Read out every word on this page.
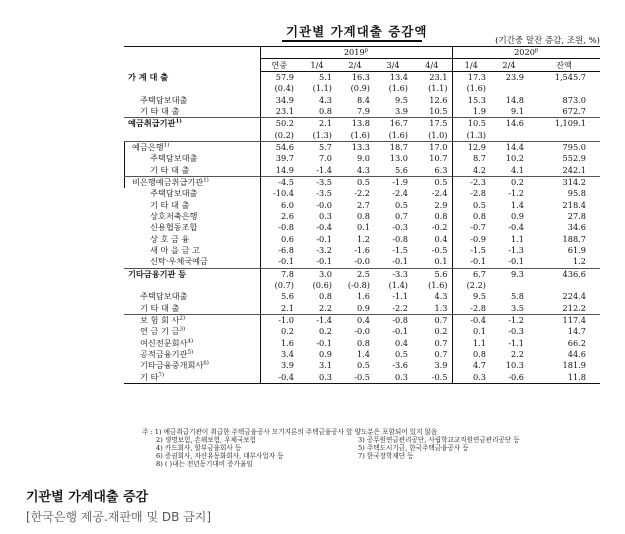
기관별 가계대출 증감액
(기간중 말잔 증감, 조원, %)
	2019$^p$					2020$^p$
	연중	1/4	2/4	3/4	4/4	1/4	2/4	잔액
가 계 대 출	57.9	5.1	16.3	13.4	23.1	17.3	23.9	1,545.7
	(0.4)	(1.1)	(0.9)	(1.6)	(1.1)	(1.6)		
주택담보대출	34.9	4.3	8.4	9.5	12.6	15.3	14.8	873.0
기 타 대 출	23.1	0.8	7.9	3.9	10.5	1.9	9.1	672.7
예금취급기관$^{1)}$	50.2	2.1	13.8	16.7	17.5	10.5	14.6	1,109.1
	(0.2)	(1.3)	(1.6)	(1.6)	(1.0)	(1.3)		
예금은행$^{1)}$	54.6	5.7	13.3	18.7	17.0	12.9	14.4	795.0
주택담보대출	39.7	7.0	9.0	13.0	10.7	8.7	10.2	552.9
기 타 대 출	14.9	-1.4	4.3	5.6	6.3	4.2	4.1	242.1
비은행예금취급기관$^{1)}$	-4.5	-3.5	0.5	-1.9	0.5	-2.3	0.2	314.2
주택담보대출	-10.4	-3.5	-2.2	-2.4	-2.4	-2.8	-1.2	95.8
기 타 대 출	6.0	-0.0	2.7	0.5	2.9	0.5	1.4	218.4
상호저축은행	2.6	0.3	0.8	0.7	0.8	0.8	0.9	27.8
신용협동조합	-0.8	-0.4	0.1	-0.3	-0.2	-0.7	-0.4	34.6
상 호 금 융	0.6	-0.1	1.2	-0.8	0.4	-0.9	1.1	188.7
새 마 을 금 고	-6.8	-3.2	-1.6	-1.5	-0.5	-1.5	-1.3	61.9
신탁·우체국예금	-0.1	-0.1	-0.0	-0.1	0.1	-0.1	-0.1	1.2
기타금융기관 등	7.8	3.0	2.5	-3.3	5.6	6.7	9.3	436.6
	(0.7)	(0.6)	(-0.8)	(1.4)	(1.6)	(2.2)		
주택담보대출	5.6	0.8	1.6	-1.1	4.3	9.5	5.8	224.4
기 타 대 출	2.1	2.2	0.9	-2.2	1.3	-2.8	3.5	212.2
보 험 회 사$^{2)}$	-1.0	-1.4	0.4	-0.8	0.7	-0.4	-1.2	117.4
연 금 기 금$^{3)}$	0.2	0.2	-0.0	-0.1	0.2	0.1	-0.3	14.7
여신전문회사$^{4)}$	1.6	-0.1	0.8	0.4	0.7	1.1	-1.1	66.2
공적금융기관$^{5)}$	3.4	0.9	1.4	0.5	0.7	0.8	2.2	44.6
기타금융중개회사$^{6)}$	3.9	3.1	0.5	-3.6	3.9	4.7	10.3	181.9
기 타$^{7)}$	-0.4	0.3	-0.5	0.3	-0.5	0.3	-0.6	11.8
주 : 1) 예금취급기관이 취급한 주택금융공사 모기지론의 주택금융공사 앞 양도분은 포함되어 있지 않음
2) 생명보험, 손해보험, 우체국보험	3) 공무원연금관리공단, 사립학교교직원연금관리공단 등
4) 카드회사, 할부금융회사 등	5) 주택도시기금, 한국주택금융공사 등
6) 증권회사, 자산유동화회사, 대부사업자 등	7) 한국장학재단 등
8) ( )내는 전년동기대비 증가율임
기관별 가계대출 증감
[한국은행 제공.재판매 및 DB 금지]
